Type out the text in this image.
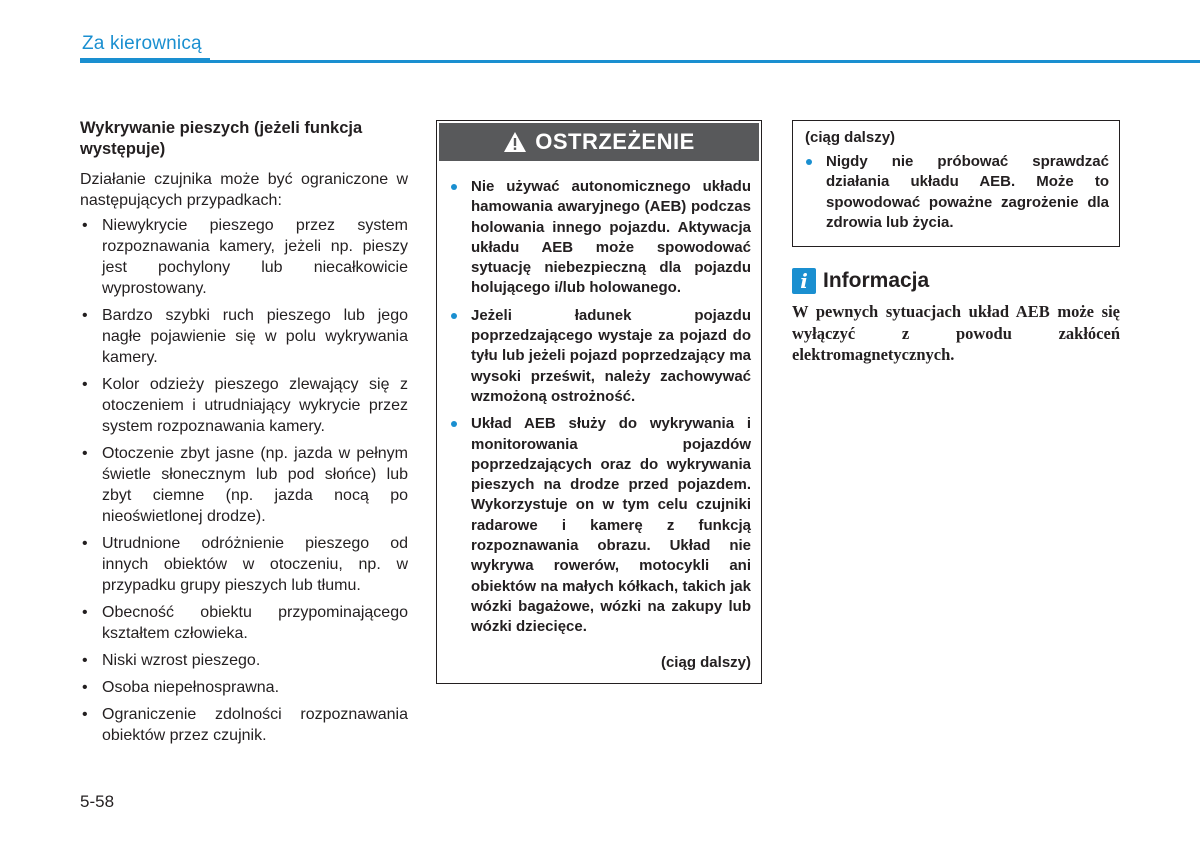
Za kierownicą
Wykrywanie pieszych (jeżeli funkcja występuje)
Działanie czujnika może być ograniczone w następujących przypadkach:
• Niewykrycie pieszego przez system rozpoznawania kamery, jeżeli np. pieszy jest pochylony lub niecałkowicie wyprostowany.
• Bardzo szybki ruch pieszego lub jego nagłe pojawienie się w polu wykrywania kamery.
• Kolor odzieży pieszego zlewający się z otoczeniem i utrudniający wykrycie przez system rozpoznawania kamery.
• Otoczenie zbyt jasne (np. jazda w pełnym świetle słonecznym lub pod słońce) lub zbyt ciemne (np. jazda nocą po nieoświetlonej drodze).
• Utrudnione odróżnienie pieszego od innych obiektów w otoczeniu, np. w przypadku grupy pieszych lub tłumu.
• Obecność obiektu przypominającego kształtem człowieka.
• Niski wzrost pieszego.
• Osoba niepełnosprawna.
• Ograniczenie zdolności rozpoznawania obiektów przez czujnik.
OSTRZEŻENIE
Nie używać autonomicznego układu hamowania awaryjnego (AEB) podczas holowania innego pojazdu. Aktywacja układu AEB może spowodować sytuację niebezpieczną dla pojazdu holującego i/lub holowanego.
Jeżeli ładunek pojazdu poprzedzającego wystaje za pojazd do tyłu lub jeżeli pojazd poprzedzający ma wysoki prześwit, należy zachowywać wzmożoną ostrożność.
Układ AEB służy do wykrywania i monitorowania pojazdów poprzedzających oraz do wykrywania pieszych na drodze przed pojazdem. Wykorzystuje on w tym celu czujniki radarowe i kamerę z funkcją rozpoznawania obrazu. Układ nie wykrywa rowerów, motocykli ani obiektów na małych kółkach, takich jak wózki bagażowe, wózki na zakupy lub wózki dziecięce.
(ciąg dalszy)
(ciąg dalszy)
Nigdy nie próbować sprawdzać działania układu AEB. Może to spowodować poważne zagrożenie dla zdrowia lub życia.
i Informacja
W pewnych sytuacjach układ AEB może się wyłączyć z powodu zakłóceń elektromagnetycznych.
5-58
